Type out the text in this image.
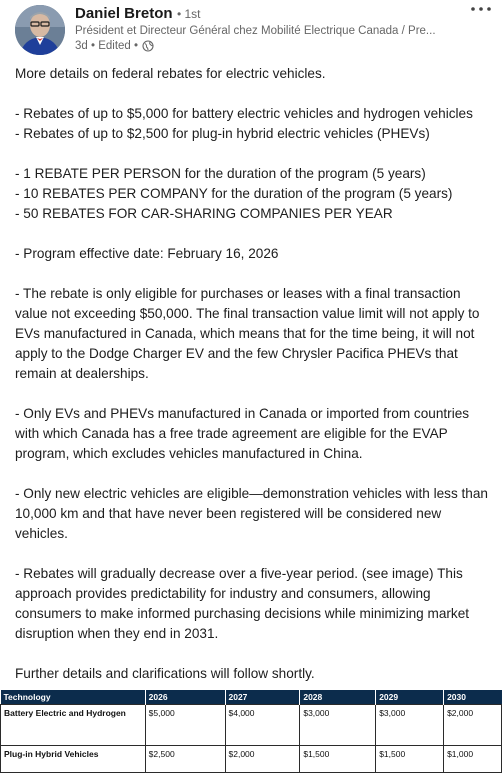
Daniel Breton • 1st
Président et Directeur Général chez Mobilité Électrique Canada / Pre...
3d • Edited •

More details on federal rebates for electric vehicles.

- Rebates of up to $5,000 for battery electric vehicles and hydrogen vehicles

- Rebates of up to $2,500 for plug-in hybrid electric vehicles (PHEVs)

- 1 REBATE PER PERSON for the duration of the program (5 years)

- 10 REBATES PER COMPANY for the duration of the program (5 years)

- 50 REBATES FOR CAR-SHARING COMPANIES PER YEAR

- Program effective date: February 16, 2026

- The rebate is only eligible for purchases or leases with a final transaction value not exceeding $50,000. The final transaction value limit will not apply to EVs manufactured in Canada, which means that for the time being, it will not apply to the Dodge Charger EV and the few Chrysler Pacifica PHEVs that remain at dealerships.

- Only EVs and PHEVs manufactured in Canada or imported from countries with which Canada has a free trade agreement are eligible for the EVAP program, which excludes vehicles manufactured in China.

- Only new electric vehicles are eligible—demonstration vehicles with less than 10,000 km and that have never been registered will be considered new vehicles.

- Rebates will gradually decrease over a five-year period. (see image) This approach provides predictability for industry and consumers, allowing consumers to make informed purchasing decisions while minimizing market disruption when they end in 2031.

Further details and clarifications will follow shortly.

Technology	2026	2027	2028	2029	2030
Battery Electric and Hydrogen	$5,000	$4,000	$3,000	$3,000	$2,000
Plug-in Hybrid Vehicles	$2,500	$2,000	$1,500	$1,500	$1,000
